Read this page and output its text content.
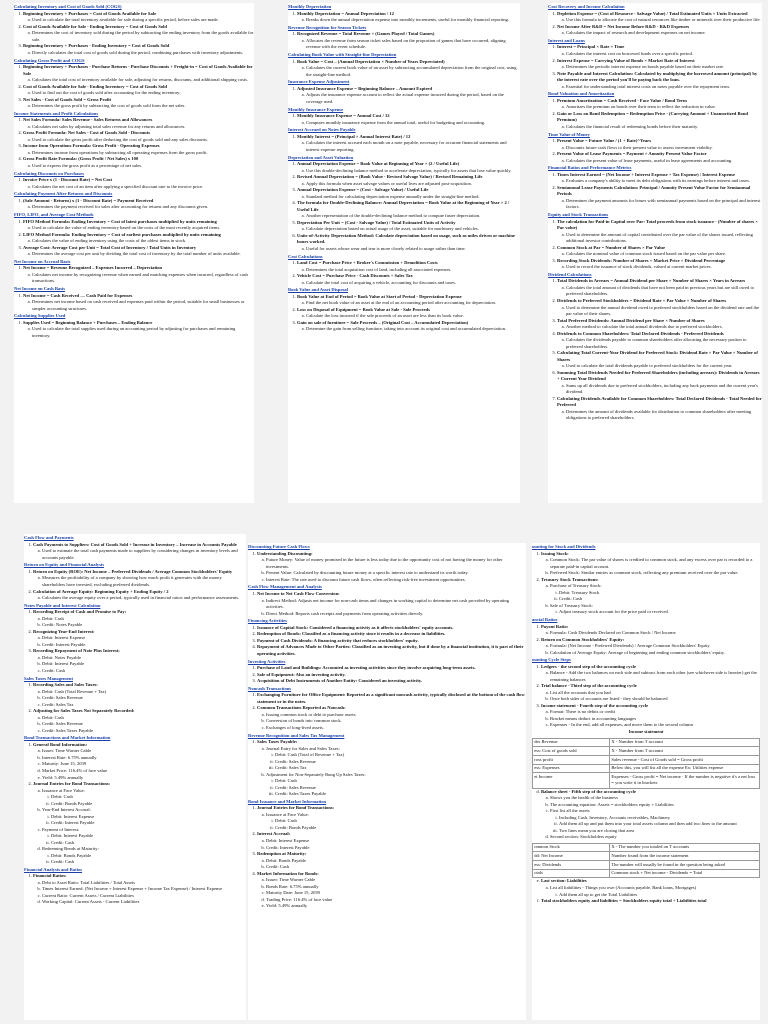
Calculating Inventory and Cost of Goods Sold (COGS)
1. Beginning Inventory + Purchases = Cost of Goods Available for Sale
a. Used to calculate the total inventory available for sale during a specific period, before sales are made.
2. Cost of Goods Available for Sale - Ending Inventory = Cost of Goods Sold
a. Determines the cost of inventory sold during the period by subtracting the ending inventory from the goods available for sale.
3. Beginning Inventory + Purchases - Ending Inventory = Cost of Goods Sold
a. Directly calculates the total cost of goods sold during the period, combining purchases with inventory adjustments.
Calculating Gross Profit and COGS
1. Beginning Inventory + Purchases - Purchase Returns - Purchase Discounts + Freight-in = Cost of Goods Available for Sale
a. Calculates the total cost of inventory available for sale, adjusting for returns, discounts, and additional shipping costs.
2. Cost of Goods Available for Sale - Ending Inventory = Cost of Goods Sold
a. Used to find out the cost of goods sold after accounting for the ending inventory.
3. Net Sales - Cost of Goods Sold = Gross Profit
a. Determines the gross profit by subtracting the cost of goods sold from the net sales.
Income Statements and Profit Calculations
1. Net Sales Formula: Sales Revenue - Sales Returns and Allowances
a. Calculates net sales by adjusting total sales revenue for any returns and allowances.
2. Gross Profit Formula: Net Sales - Cost of Goods Sold - Discounts
a. Used to calculate the gross profit after deducting the cost of goods sold and any sales discounts.
3. Income from Operations Formula: Gross Profit - Operating Expenses
a. Determines income from operations by subtracting all operating expenses from the gross profit.
4. Gross Profit Rate Formula: (Gross Profit / Net Sales) x 100
a. Used to express the gross profit as a percentage of net sales.
Calculating Discounts on Purchases
1. Invoice Price x (1 - Discount Rate) = Net Cost
a. Calculates the net cost of an item after applying a specified discount rate to the invoice price.
Calculating Payment After Returns and Discounts
1. (Sale Amount - Returns) x (1 - Discount Rate) = Payment Received
a. Determines the payment received for sales after accounting for returns and any discounts given.
FIFO, LIFO, and Average Cost Methods
1. FIFO Method Formula: Ending Inventory = Cost of latest purchases multiplied by units remaining
a. Used to calculate the value of ending inventory based on the costs of the most recently acquired items.
2. LIFO Method Formula: Ending Inventory = Cost of earliest purchases multiplied by units remaining
a. Calculates the value of ending inventory using the costs of the oldest items in stock.
3. Average Cost: Average Cost per Unit = Total Cost of Inventory / Total Units in Inventory
a. Determines the average cost per unit by dividing the total cost of inventory by the total number of units available.
Net Income on Accrual Basis
1. Net Income = Revenue Recognized – Expenses Incurred – Depreciation
a. Calculates net income by recognizing revenue when earned and matching expenses when incurred, regardless of cash transactions.
Net Income on Cash Basis
1. Net Income = Cash Received — Cash Paid for Expenses
a. Determines net income based on cash received and expenses paid within the period, suitable for small businesses or simpler accounting structures.
Calculating Supplies Used
1. Supplies Used = Beginning Balance + Purchases – Ending Balance
a. Used to calculate the total supplies used during an accounting period by adjusting for purchases and remaining inventory.
Monthly Depreciation
1. Monthly Depreciation = Annual Depreciation / 12
a. Breaks down the annual depreciation expense into monthly increments, useful for monthly financial reporting.
Revenue Recognition for Season Tickets
1. Recognized Revenue = Total Revenue × (Games Played / Total Games)
a. Allocates the revenue from season ticket sales based on the proportion of games that have occurred, aligning revenue with the event schedule.
Calculating Book Value with Straight-line Depreciation
1. Book Value = Cost – (Annual Depreciation × Number of Years Depreciated)
a. Calculates the current book value of an asset by subtracting accumulated depreciation from the original cost, using the straight-line method.
Insurance Expense Adjustment
1. Adjusted Insurance Expense = Beginning Balance – Amount Expired
a. Adjusts the insurance expense account to reflect the actual expense incurred during the period, based on the coverage used.
Monthly Insurance Expense
1. Monthly Insurance Expense = Annual Cost / 12
a. Computes monthly insurance expense from the annual total, useful for budgeting and accounting.
Interest Accrued on Notes Payable
1. Monthly Interest = (Principal × Annual Interest Rate) / 12
a. Calculates the interest accrued each month on a note payable, necessary for accurate financial statements and interest expense reporting.
Depreciation and Asset Valuation
1. Annual Depreciation Expense = Book Value at Beginning of Year × (2 / Useful Life)
a. Use this double-declining balance method to accelerate depreciation, typically for assets that lose value quickly.
2. Revised Annual Depreciation = (Book Value - Revised Salvage Value) / Revised Remaining Life
a. Apply this formula when asset salvage values or useful lives are adjusted post-acquisition.
3. Annual Depreciation Expense = (Cost - Salvage Value) / Useful Life
a. Standard method for calculating depreciation expense annually under the straight-line method.
4. The formula for Double-Declining Balance: Annual Depreciation = Book Value at the Beginning of Year × 2 / Useful Life
a. Another representation of the double-declining balance method to compute faster depreciation.
5. Depreciation Per Unit = (Cost - Salvage Value) / Total Estimated Units of Activity
a. Calculate depreciation based on actual usage of the asset, suitable for machinery and vehicles.
6. Units-of-Activity Depreciation Method: Calculate depreciation based on usage, such as miles driven or machine hours worked.
a. Useful for assets whose wear and tear is more closely related to usage rather than time.
Cost Calculations
1. Land Cost = Purchase Price + Broker's Commission + Demolition Costs
a. Determines the total acquisition cost of land, including all associated expenses.
2. Vehicle Cost = Purchase Price - Cash Discounts + Sales Tax
a. Calculate the total cost of acquiring a vehicle, accounting for discounts and taxes.
Book Value and Asset Disposal
1. Book Value at End of Period = Book Value at Start of Period - Depreciation Expense
a. Find the net book value of an asset at the end of an accounting period after accounting for depreciation.
2. Loss on Disposal of Equipment = Book Value at Sale - Sale Proceeds
a. Calculate the loss incurred if the sale proceeds of an asset are less than its book value.
3. Gain on sale of furniture = Sale Proceeds – (Original Cost – Accumulated Depreciation)
a. Determine the gain from selling furniture, taking into account its original cost and accumulated depreciation.
Cost Recovery and Income Calculation
1. Depletion Expense = (Cost of Resource - Salvage Value) / Total Estimated Units × Units Extracted
a. Use this formula to allocate the cost of natural resources like timber or minerals over their productive life.
2. Net Income After R&D = Net Income Before R&D - R&D Expenses
a. Calculates the impact of research and development expenses on net income.
Interest and Loans
1. Interest = Principal × Rate × Time
a. Calculates the interest cost on borrowed funds over a specific period.
2. Interest Expense = Carrying Value of Bonds × Market Rate of Interest
a. Determines the periodic interest expense on bonds payable based on their market rate.
3. Note Payable and Interest Calculation: Calculated by multiplying the borrowed amount (principal) by the interest rate over the period you'll be paying back the loan.
a. Essential for understanding total interest costs on notes payable over the repayment term.
Bond Valuation and Amortization
1. Premium Amortization = Cash Received - Face Value / Bond Term
a. Amortizes the premium on bonds over their term to reflect the reduction in value.
2. Gain or Loss on Bond Redemption = Redemption Price - (Carrying Amount + Unamortized Bond Premium)
a. Calculates the financial result of redeeming bonds before their maturity.
Time Value of Money
1. Present Value = Future Value / (1 + Rate)^Years
a. Discounts future cash flows to their present value to assess investment viability.
2. Present Value of Lease Payments = Payment × Annuity Present Value Factor
a. Calculates the present value of lease payments, useful in lease agreements and accounting.
Financial Ratios and Performance Metrics
1. Times Interest Earned = (Net Income + Interest Expense + Tax Expense) / Interest Expense
a. Evaluates a company's ability to meet its debt obligations with its earnings before interest and taxes.
2. Semiannual Lease Payments Calculation: Principal / Annuity Present Value Factor for Semiannual Periods
a. Determines the payment amounts for leases with semiannual payments based on the principal and interest factors.
Equity and Stock Transactions
1. The calculation for Paid-in Capital over Par: Total proceeds from stock issuance - (Number of shares × Par value)
a. Used to determine the amount of capital contributed over the par value of the shares issued, reflecting additional investor contributions.
2. Common Stock at Par = Number of Shares × Par Value
a. Calculates the nominal value of common stock issued based on the par value per share.
3. Recording Stock Dividends: Number of Shares × Market Price × Dividend Percentage
a. Used to record the issuance of stock dividends, valued at current market prices.
Dividend Calculations
1. Total Dividends in Arrears = Annual Dividend per Share × Number of Shares × Years in Arrears
a. Calculates the total amount of dividends that have not been paid in previous years but are still owed to preferred shareholders.
2. Dividends to Preferred Stockholders = Dividend Rate × Par Value × Number of Shares
a. Used to determine the annual dividend owed to preferred stockholders based on the dividend rate and the par value of their shares.
3. Total Preferred Dividends: Annual Dividend per Share × Number of Shares
a. Another method to calculate the total annual dividends due to preferred stockholders.
4. Dividends to Common Shareholders: Total Declared Dividends - Preferred Dividends
a. Calculates the dividends payable to common shareholders after allocating the necessary portion to preferred shareholders.
5. Calculating Total Current-Year Dividend for Preferred Stock: Dividend Rate × Par Value × Number of Shares
a. Used to calculate the total dividends payable to preferred stockholders for the current year.
6. Summing Total Dividends Needed for Preferred Shareholders (including arrears): Dividends in Arrears + Current Year Dividend
a. Sums up all dividends due to preferred stockholders, including any back payments and the current year's dividend.
7. Calculating Dividends Available for Common Shareholders: Total Declared Dividends - Total Needed for Preferred
a. Determines the amount of dividends available for distribution to common shareholders after meeting obligations to preferred shareholders.
Cash Flow and Payments
1. Cash Payments to Suppliers: Cost of Goods Sold + Increase in Inventory – Increase in Accounts Payable
a. Used to estimate the total cash payments made to suppliers by considering changes in inventory levels and accounts payable.
Return on Equity and Financial Analysis
1. Return on Equity (ROE): Net Income – Preferred Dividends / Average Common Stockholders' Equity
a. Measures the profitability of a company by showing how much profit it generates with the money shareholders have invested, excluding preferred dividends.
2. Calculation of Average Equity: Beginning Equity + Ending Equity / 2
a. Calculates the average equity over a period, typically used in financial ratios and performance assessments.
Notes Payable and Interest Calculation
1. Recording Receipt of Cash and Promise to Pay:
a. Debit: Cash
b. Credit: Notes Payable
2. Recognizing Year-End Interest:
a. Debit: Interest Expense
b. Credit: Interest Payable
3. Recording Repayment of Note Plus Interest:
a. Debit: Notes Payable
b. Debit: Interest Payable
c. Credit: Cash
Sales Taxes Management
1. Recording Sales and Sales Taxes:
a. Debit: Cash (Total Revenue + Tax)
b. Credit: Sales Revenue
c. Credit: Sales Tax
2. Adjusting for Sales Taxes Not Separately Recorded:
a. Debit: Cash
b. Credit: Sales Revenue
c. Credit: Sales Taxes Payable
Bond Transactions and Market Information
1. General Bond Information:
a. Issuer: Time Warner Cable
b. Interest Rate: 6.75% annually
c. Maturity: June 15, 2039
d. Market Price: 116.4% of face value
e. Yield: 5.49% annually
2. Journal Entries for Bond Transactions:
a. Issuance at Face Value:
i. Debit: Cash
ii. Credit: Bonds Payable
b. Year-End Interest Accrual:
i. Debit: Interest Expense
ii. Credit: Interest Payable
c. Payment of Interest:
i. Debit: Interest Payable
ii. Credit: Cash
d. Redeeming Bonds at Maturity:
i. Debit: Bonds Payable
ii. Credit: Cash
Financial Analysis and Ratios
1. Financial Ratios:
a. Debt to Asset Ratio: Total Liabilities / Total Assets
b. Times Interest Earned: (Net Income + Interest Expense + Income Tax Expense) / Interest Expense
c. Current Ratio: Current Assets / Current Liabilities
d. Working Capital: Current Assets - Current Liabilities
Discounting Future Cash Flows
1. Understanding Discounting:
a. Future Money: Value of money promised in the future is less today due to the opportunity cost of not having the money for other investments.
b. Present Value: Calculated by discounting future money at a specific interest rate to understand its worth today.
c. Interest Rate: The rate used to discount future cash flows, often reflecting risk-free investment opportunities.
Cash Flow Management and Analysis
1. Net Income to Net Cash Flow Conversion:
a. Indirect Method: Adjusts net income for non-cash items and changes in working capital to determine net cash provided by operating activities.
b. Direct Method: Reports cash receipts and payments from operating activities directly.
Financing Activities
1. Issuance of Capital Stock: Considered a financing activity as it affects stockholders' equity accounts.
2. Redemption of Bonds: Classified as a financing activity since it results in a decrease in liabilities.
3. Payment of Cash Dividends: A financing activity that reduces stockholders' equity.
4. Repayment of Advances Made to Other Parties: Classified as an investing activity, but if done by a financial institution, it is part of their operating activities.
Investing Activities
1. Purchase of Land and Buildings: Accounted as investing activities since they involve acquiring long-term assets.
2. Sale of Equipment: Also an investing activity.
3. Acquisition of Debt Instruments of Another Entity: Considered an investing activity.
Noncash Transactions
1. Exchanging Furniture for Office Equipment: Reported as a significant noncash activity, typically disclosed at the bottom of the cash flow statement or in the notes.
2. Common Transactions Reported as Noncash:
a. Issuing common stock or debt to purchase assets.
b. Conversion of bonds into common stock.
c. Exchanges of long-lived assets.
Revenue Recognition and Sales Tax Management
1. Sales Taxes Payable:
a. Journal Entry for Sales and Sales Taxes:
i. Debit: Cash (Total of Revenue + Tax)
ii. Credit: Sales Revenue
iii. Credit: Sales Tax
b. Adjustment for Non-Separately Rung Up Sales Taxes:
i. Debit: Cash
ii. Credit: Sales Revenue
iii. Credit: Sales Taxes Payable
Bond Issuance and Market Information
1. Journal Entries for Bond Transactions:
a. Issuance at Face Value:
i. Debit: Cash
ii. Credit: Bonds Payable
2. Interest Accrual:
a. Debit: Interest Expense
b. Credit: Interest Payable
3. Redemption at Maturity:
a. Debit: Bonds Payable
b. Credit: Cash
4. Market Information for Bonds:
a. Issuer: Time Warner Cable
b. Bonds Rate: 6.75% annually
c. Maturity Date: June 15, 2039
d. Trading Price: 116.4% of face value
e. Yield: 5.49% annually
ounting for Stock and Dividends
1. Issuing Stock:
a. Common Stock: The par value of shares is credited to common stock, and any excess over par is recorded to a separate paid-in capital account.
b. Preferred Stock: Similar entries as common stock, reflecting any premium received over the par value.
2. Treasury Stock Transactions:
a. Purchase of Treasury Stock:
i. Debit: Treasury Stock
ii. Credit: Cash
b. Sale of Treasury Stock:
i. Adjust treasury stock account for the price paid or received.
ancial Ratios
1. Payout Ratio:
a. Formula: Cash Dividends Declared on Common Stock / Net Income
2. Return on Common Stockholders' Equity:
a. Formula: (Net Income - Preferred Dividends) / Average Common Stockholders' Equity
b. Calculation of Average Equity: Average of beginning and ending common stockholders' equity.
ounting Cycle Steps
1. Ledgers - the second step of the accounting cycle
a. Balance - Add the two balances on each side and subtract from each other (see whichever side is heavier) get the remaining balances
2. Trial balance - Third step of the accounting cycle
a. List all the accounts that you had
b. Once both sides of accounts are listed - they should be balanced
3. Income statement - Fourth step of the accounting cycle
a. Format: There is no debits or credit
b. Bracket means deduct in accounting languages
c. Expenses - In the end, add all expenses, and move them to the second column
Income statement
des Revenue	X - Number from T account
ess: Cost of goods sold	X - Number from T account
ross profit	Sales revenue - Cost of Goods sold = Gross profit
ess: Expenses	Below this, you will list all the expense Ex: Utilities expense
et Income	Expenses - Gross profit = Net income · If the number is negative it's a net loss = you write it in brackets
d. Balance sheet - Fifth step of the accounting cycle
a. Shows you the health of the business
b. The accounting equation: Assets = stockholders equity + Liabilities
c. First list all the assets
i. Including Cash, Inventory, Accounts receivables, Machinery
ii. Add them all up and put them into your total assets column and then add two lines to the amount
iii. Two lines mean you are closing that area
d. Second section: Stockholders equity
ommon Stock	X - The number you totaled on T accounts
dd: Net Income	Number found from the income statement
ess: Dividends	The number will usually be found in the question being asked
otals	Common stock + Net income - Dividends = Total
e. Last section: Liabilities
a. List all liabilities - Things you owe (Accounts payable, Bank loans, Mortgages)
i. Add them all up to get the Total Liabilities
f. Total stockholders equity and liabilities = Stockholders equity total + Liabilities total
